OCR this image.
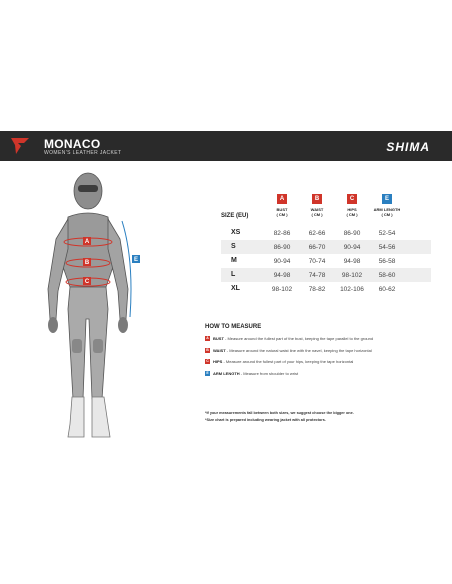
MONACO
WOMEN'S LEATHER JACKET	SHIMA
A
B
C
E
SIZE (EU)
A
BUST
( CM )
B
WAIST
( CM )
C
HIPS
( CM )
E
ARM LENGTH
( CM )
XS	82-86	62-66	86-90	52-54
S	86-90	66-70	90-94	54-56
M	90-94	70-74	94-98	56-58
L	94-98	74-78	98-102	58-60
XL	98-102	78-82	102-106	60-62
HOW TO MEASURE
A	BUST - Measure around the fullest part of the bust, keeping the tape parallel to the ground
B	WAIST - Measure around the natural waist line with the navel, keeping the tape horizontal
C	HIPS - Measure around the fullest part of your hips, keeping the tape horizontal
E	ARM LENGTH - Measure from shoulder to wrist
*If your measurements fall between both sizes, we suggest choose the bigger one.
*Size chart is prepared including wearing jacket with all protectors.
